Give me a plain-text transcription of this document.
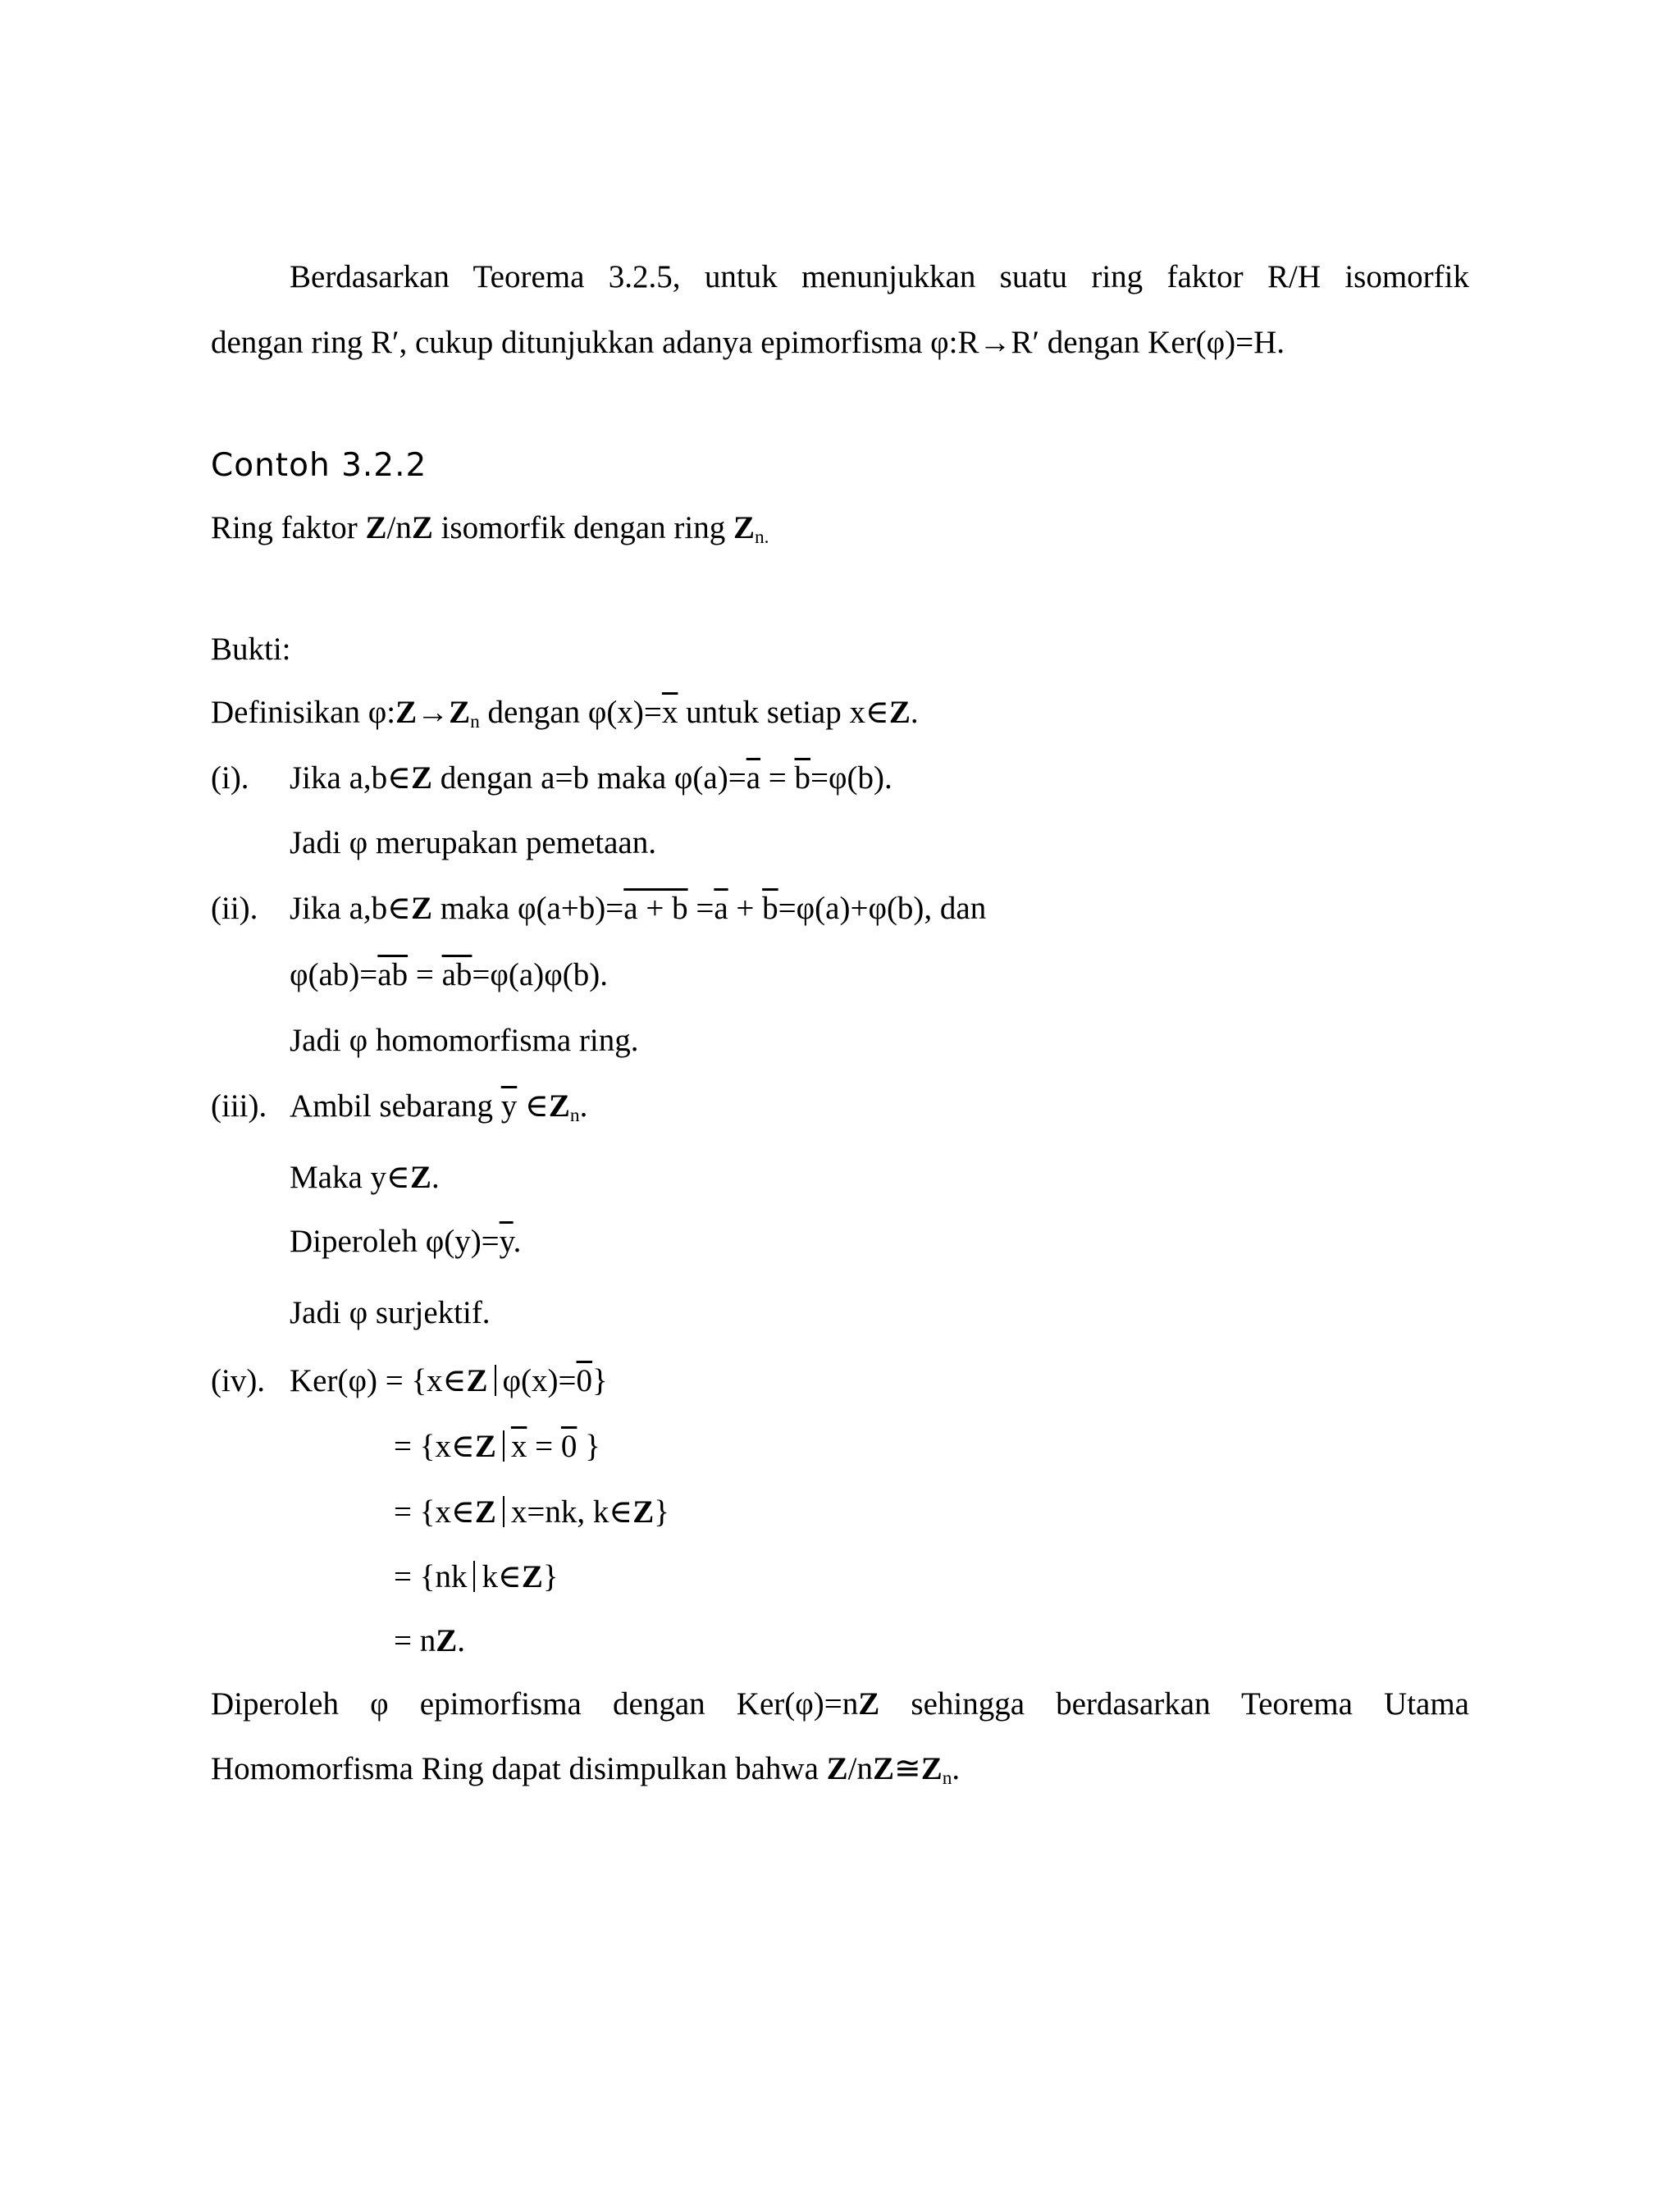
Berdasarkan Teorema 3.2.5, untuk menunjukkan suatu ring faktor R/H isomorfik
dengan ring R′, cukup ditunjukkan adanya epimorfisma φ:R→R′ dengan Ker(φ)=H.
Contoh 3.2.2
Ring faktor Z/nZ isomorfik dengan ring $Z_{n.}$
Bukti:
Definisikan $\varphi:Z\to Z_n$ dengan $\varphi(x)=\overline{x}$ untuk setiap x∈Z.
(i). Jika a,b∈Z dengan a=b maka $\varphi(a)=\overline{a} = \overline{b}=\varphi(b)$.
Jadi φ merupakan pemetaan.
(ii). Jika a,b∈Z maka $\varphi(a+b)=a + b =\overline{a} + \overline{b}=\varphi(a)+\varphi(b)$, dan
$\varphi(ab)=\overline{ab} = \overline{a}\overline{b}=\varphi(a)\varphi(b)$.
Jadi φ homomorfisma ring.
(iii). Ambil sebarang $\overline{y}$ $\in Z_n$.
Maka y∈Z.
Diperoleh $\varphi(y)=\overline{y}$.
Jadi φ surjektif.
(iv). Ker(φ) = {x∈Z φ(x)=0}
= {x∈Z $\overline{x} = 0$ }
= {x∈Z x=nk, k∈Z}
= {nk k∈Z}
= nZ.
Diperoleh φ epimorfisma dengan Ker(φ)=nZ sehingga berdasarkan Teorema Utama
Homomorfisma Ring dapat disimpulkan bahwa $Z/nZ≅Z_n$.
